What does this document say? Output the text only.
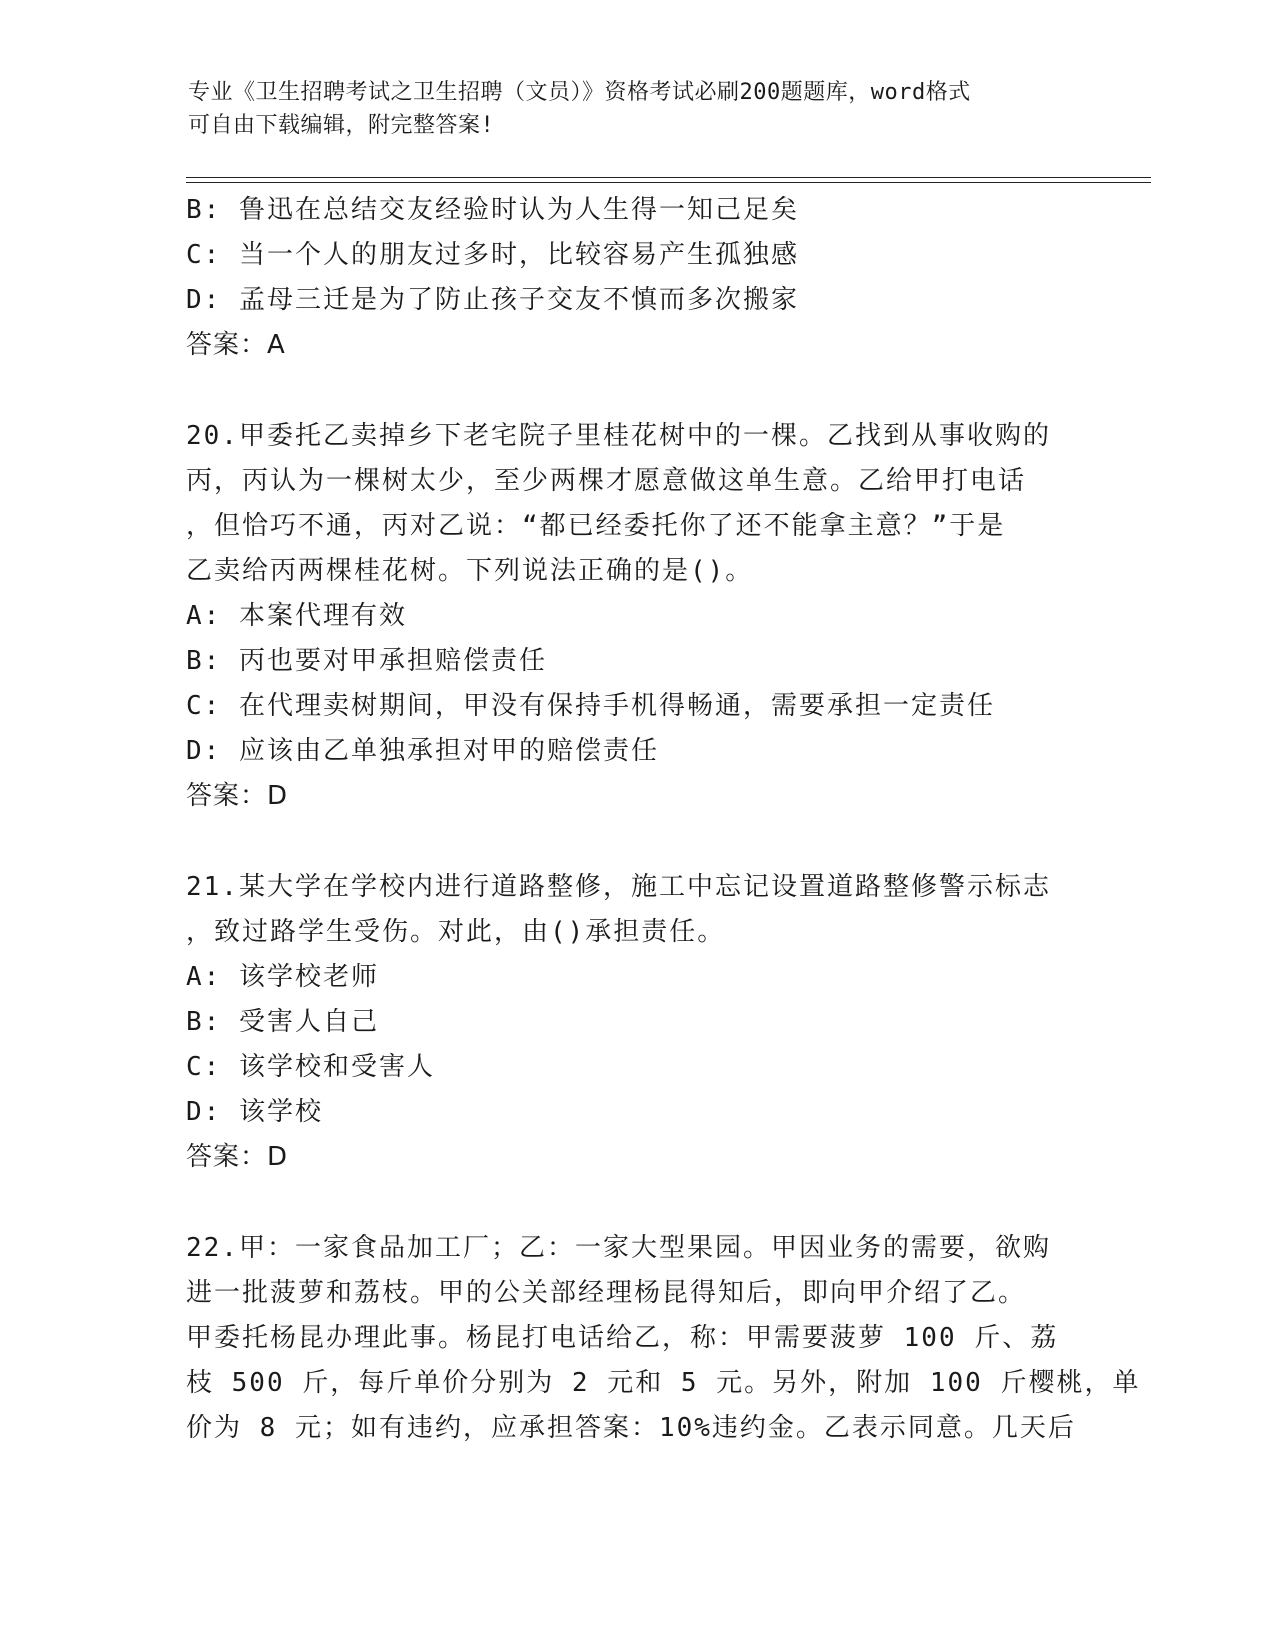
专业《卫生招聘考试之卫生招聘（文员）》资格考试必刷200题题库，word格式
可自由下载编辑，附完整答案!
B: 鲁迅在总结交友经验时认为人生得一知己足矣
C: 当一个人的朋友过多时，比较容易产生孤独感
D: 孟母三迁是为了防止孩子交友不慎而多次搬家
答案：A
20.甲委托乙卖掉乡下老宅院子里桂花树中的一棵。乙找到从事收购的
丙，丙认为一棵树太少，至少两棵才愿意做这单生意。乙给甲打电话
，但恰巧不通，丙对乙说：“都已经委托你了还不能拿主意？”于是
乙卖给丙两棵桂花树。下列说法正确的是()。
A: 本案代理有效
B: 丙也要对甲承担赔偿责任
C: 在代理卖树期间，甲没有保持手机得畅通，需要承担一定责任
D: 应该由乙单独承担对甲的赔偿责任
答案：D
21.某大学在学校内进行道路整修，施工中忘记设置道路整修警示标志
，致过路学生受伤。对此，由()承担责任。
A: 该学校老师
B: 受害人自己
C: 该学校和受害人
D: 该学校
答案：D
22.甲：一家食品加工厂；乙：一家大型果园。甲因业务的需要，欲购
进一批菠萝和荔枝。甲的公关部经理杨昆得知后，即向甲介绍了乙。
甲委托杨昆办理此事。杨昆打电话给乙，称：甲需要菠萝 100 斤、荔
枝 500 斤，每斤单价分别为 2 元和 5 元。另外，附加 100 斤樱桃，单
价为 8 元；如有违约，应承担答案：10%违约金。乙表示同意。几天后
